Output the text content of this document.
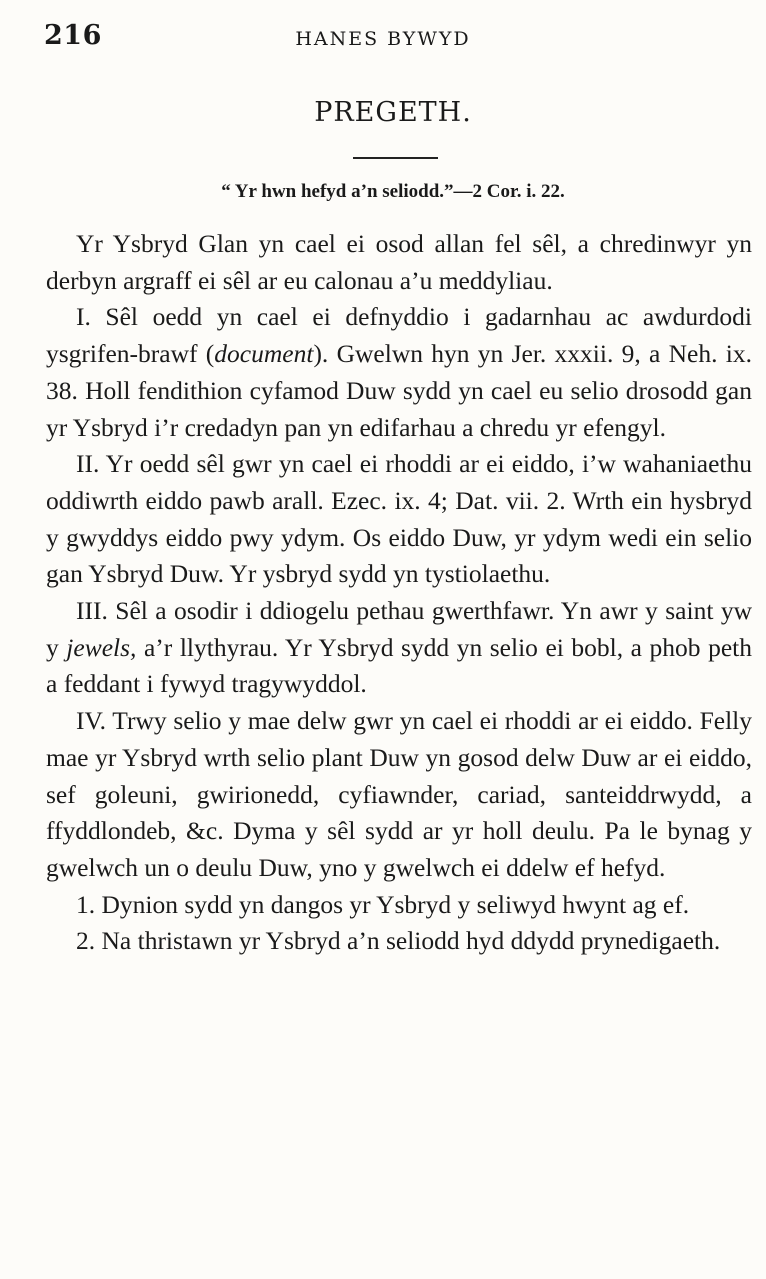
216	HANES BYWYD
PREGETH.
“ Yr hwn hefyd a’n seliodd.”—2 Cor. i. 22.

Yr Ysbryd Glan yn cael ei osod allan fel sêl, a chredinwyr yn derbyn argraff ei sêl ar eu calonau a’u meddyliau.

I. Sêl oedd yn cael ei defnyddio i gadarnhau ac awdurdodi ysgrifen-brawf (document). Gwelwn hyn yn Jer. xxxii. 9, a Neh. ix. 38. Holl fendithion cyfamod Duw sydd yn cael eu selio drosodd gan yr Ysbryd i’r credadyn pan yn edifarhau a chredu yr efengyl.

II. Yr oedd sêl gwr yn cael ei rhoddi ar ei eiddo, i’w wahaniaethu oddiwrth eiddo pawb arall. Ezec. ix. 4; Dat. vii. 2. Wrth ein hysbryd y gwyddys eiddo pwy ydym. Os eiddo Duw, yr ydym wedi ein selio gan Ysbryd Duw. Yr ysbryd sydd yn tystiolaethu.

III. Sêl a osodir i ddiogelu pethau gwerthfawr. Yn awr y saint yw y jewels, a’r llythyrau. Yr Ysbryd sydd yn selio ei bobl, a phob peth a feddant i fywyd tragywyddol.

IV. Trwy selio y mae delw gwr yn cael ei rhoddi ar ei eiddo. Felly mae yr Ysbryd wrth selio plant Duw yn gosod delw Duw ar ei eiddo, sef goleuni, gwirionedd, cyfiawnder, cariad, santeiddrwydd, a ffyddlondeb, &c. Dyma y sêl sydd ar yr holl deulu. Pa le bynag y gwelwch un o deulu Duw, yno y gwelwch ei ddelw ef hefyd.

1. Dynion sydd yn dangos yr Ysbryd y seliwyd hwynt ag ef.

2. Na thristawn yr Ysbryd a’n seliodd hyd ddydd prynedigaeth.
